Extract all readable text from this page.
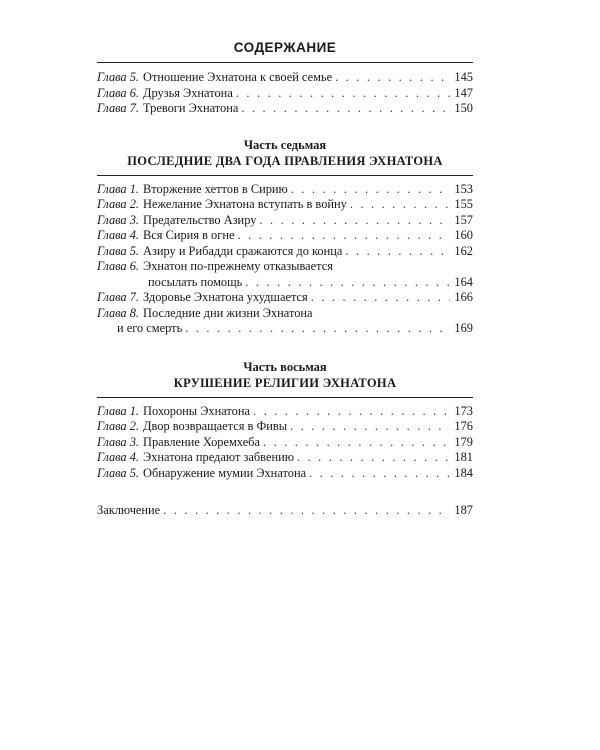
СОДЕРЖАНИЕ
Глава 5. Отношение Эхнатона к своей семье . . .	145
Глава 6. Друзья Эхнатона . . .	147
Глава 7. Тревоги Эхнатона . . .	150
Часть седьмая
ПОСЛЕДНИЕ ДВА ГОДА ПРАВЛЕНИЯ ЭХНАТОНА
Глава 1. Вторжение хеттов в Сирию . . .	153
Глава 2. Нежелание Эхнатона вступать в войну . . .	155
Глава 3. Предательство Азиру . . .	157
Глава 4. Вся Сирия в огне . . .	160
Глава 5. Азиру и Рибадди сражаются до конца . . .	162
Глава 6. Эхнатон по-прежнему отказывается
посылать помощь . . .	164
Глава 7. Здоровье Эхнатона ухудшается . . .	166
Глава 8. Последние дни жизни Эхнатона
и его смерть . . .	169
Часть восьмая
КРУШЕНИЕ РЕЛИГИИ ЭХНАТОНА
Глава 1. Похороны Эхнатона . . .	173
Глава 2. Двор возвращается в Фивы . . .	176
Глава 3. Правление Хоремхеба . . .	179
Глава 4. Эхнатона предают забвению . . .	181
Глава 5. Обнаружение мумии Эхнатона . . .	184
Заключение . . .	187
